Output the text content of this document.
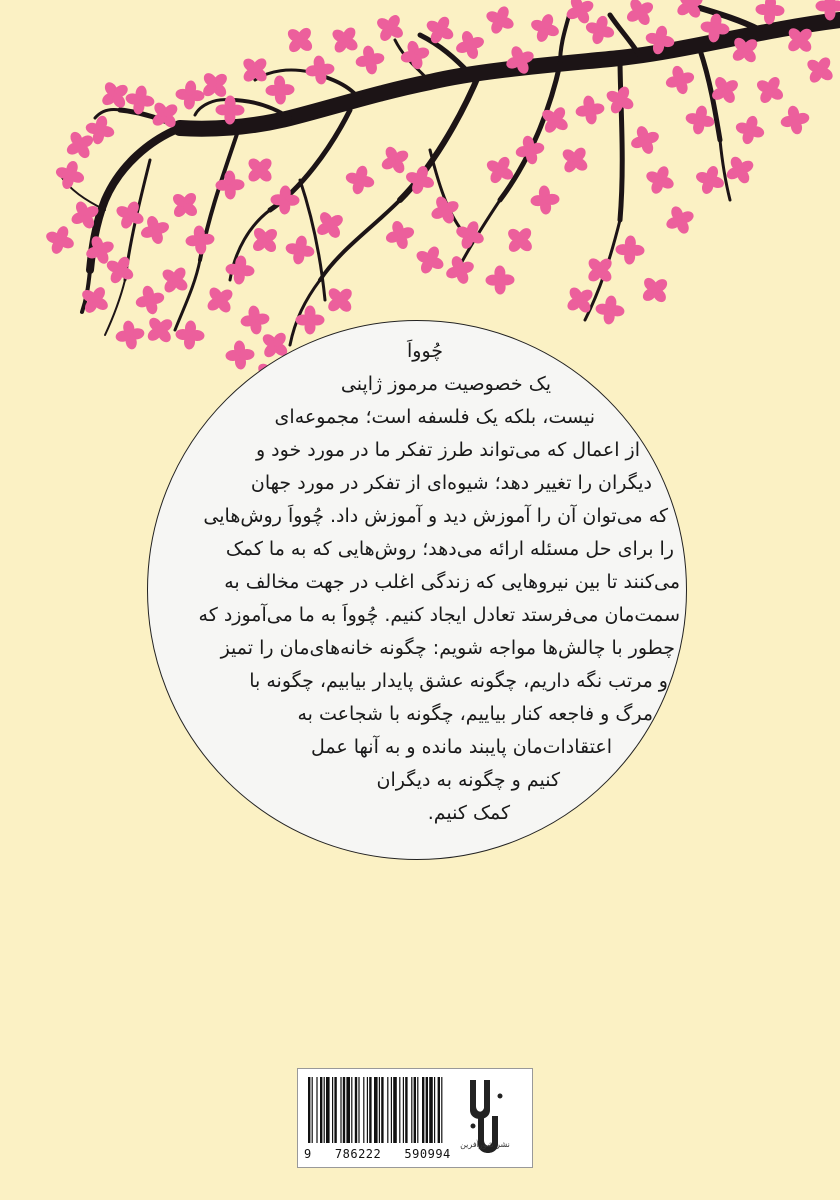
چُوواَ
یک خصوصیت مرموز ژاپنی
نیست، بلکه یک فلسفه است؛ مجموعه‌ای
از اعمال که می‌تواند طرز تفکر ما در مورد خود و
دیگران را تغییر دهد؛ شیوه‌ای از تفکر در مورد جهان
که می‌توان آن را آموزش دید و آموزش داد. چُوواَ روش‌هایی
را برای حل مسئله ارائه می‌دهد؛ روش‌هایی که به ما کمک
می‌کنند تا بین نیروهایی که زندگی اغلب در جهت مخالف به
سمت‌مان می‌فرستد تعادل ایجاد کنیم. چُوواَ به ما می‌آموزد که
چطور با چالش‌ها مواجه شویم: چگونه خانه‌های‌مان را تمیز
و مرتب نگه داریم، چگونه عشق پایدار بیابیم، چگونه با
مرگ و فاجعه کنار بیاییم، چگونه با شجاعت به
اعتقادات‌مان پایبند مانده و به آنها عمل
کنیم و چگونه به دیگران
کمک کنیم.
9   786222   590994
نشر شورآفرین
